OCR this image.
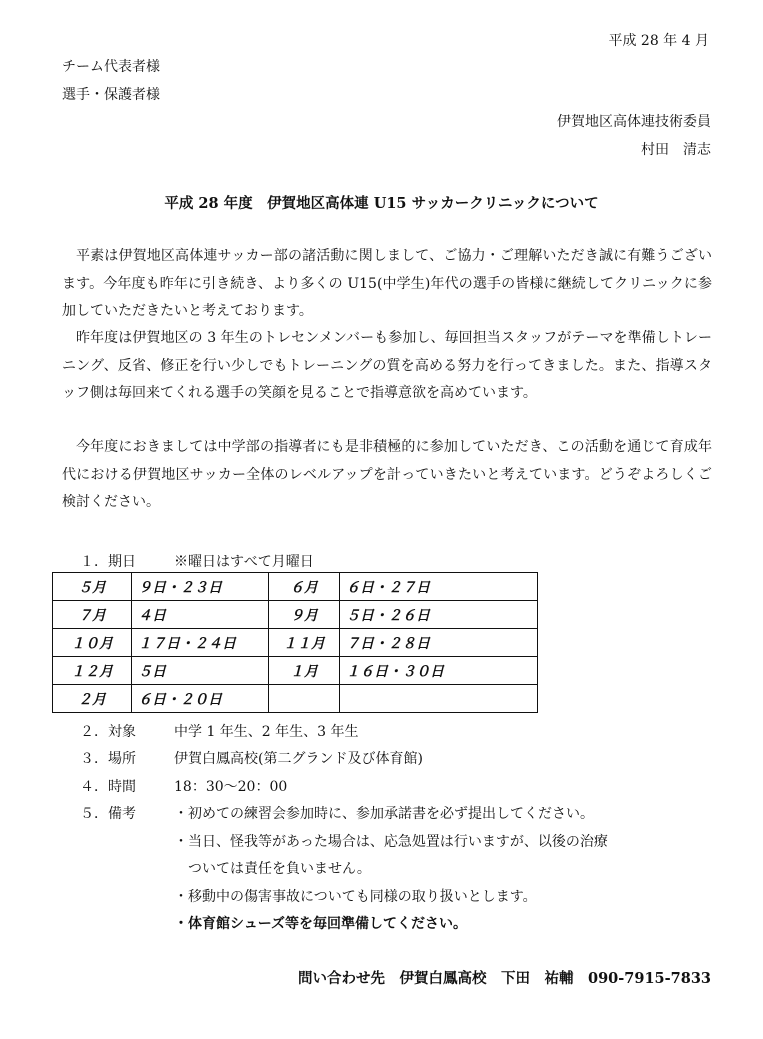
平成 28 年 4 月
チーム代表者様
選手・保護者様
伊賀地区高体連技術委員
村田　清志
平成 28 年度　伊賀地区高体連 U15 サッカークリニックについて
平素は伊賀地区高体連サッカー部の諸活動に関しまして、ご協力・ご理解いただき誠に有難うございます。今年度も昨年に引き続き、より多くの U15(中学生)年代の選手の皆様に継続してクリニックに参加していただきたいと考えております。
昨年度は伊賀地区の 3 年生のトレセンメンバーも参加し、毎回担当スタッフがテーマを準備しトレーニング、反省、修正を行い少しでもトレーニングの質を高める努力を行ってきました。また、指導スタッフ側は毎回来てくれる選手の笑顔を見ることで指導意欲を高めています。
今年度におきましては中学部の指導者にも是非積極的に参加していただき、この活動を通じて育成年代における伊賀地区サッカー全体のレベルアップを計っていきたいと考えています。どうぞよろしくご検討ください。
１．期日	※曜日はすべて月曜日
５月	９日・２３日	６月	６日・２７日
７月	４日	９月	５日・２６日
１０月	１７日・２４日	１１月	７日・２８日
１２月	５日	１月	１６日・３０日
２月	６日・２０日		
２．対象	中学 1 年生、2 年生、3 年生
３．場所	伊賀白鳳高校(第二グランド及び体育館)
４．時間	18：30～20：00
５．備考	・初めての練習会参加時に、参加承諾書を必ず提出してください。
・当日、怪我等があった場合は、応急処置は行いますが、以後の治療
ついては責任を負いません。
・移動中の傷害事故についても同様の取り扱いとします。
・体育館シューズ等を毎回準備してください。
問い合わせ先　伊賀白鳳高校　下田　祐輔　090-7915-7833
